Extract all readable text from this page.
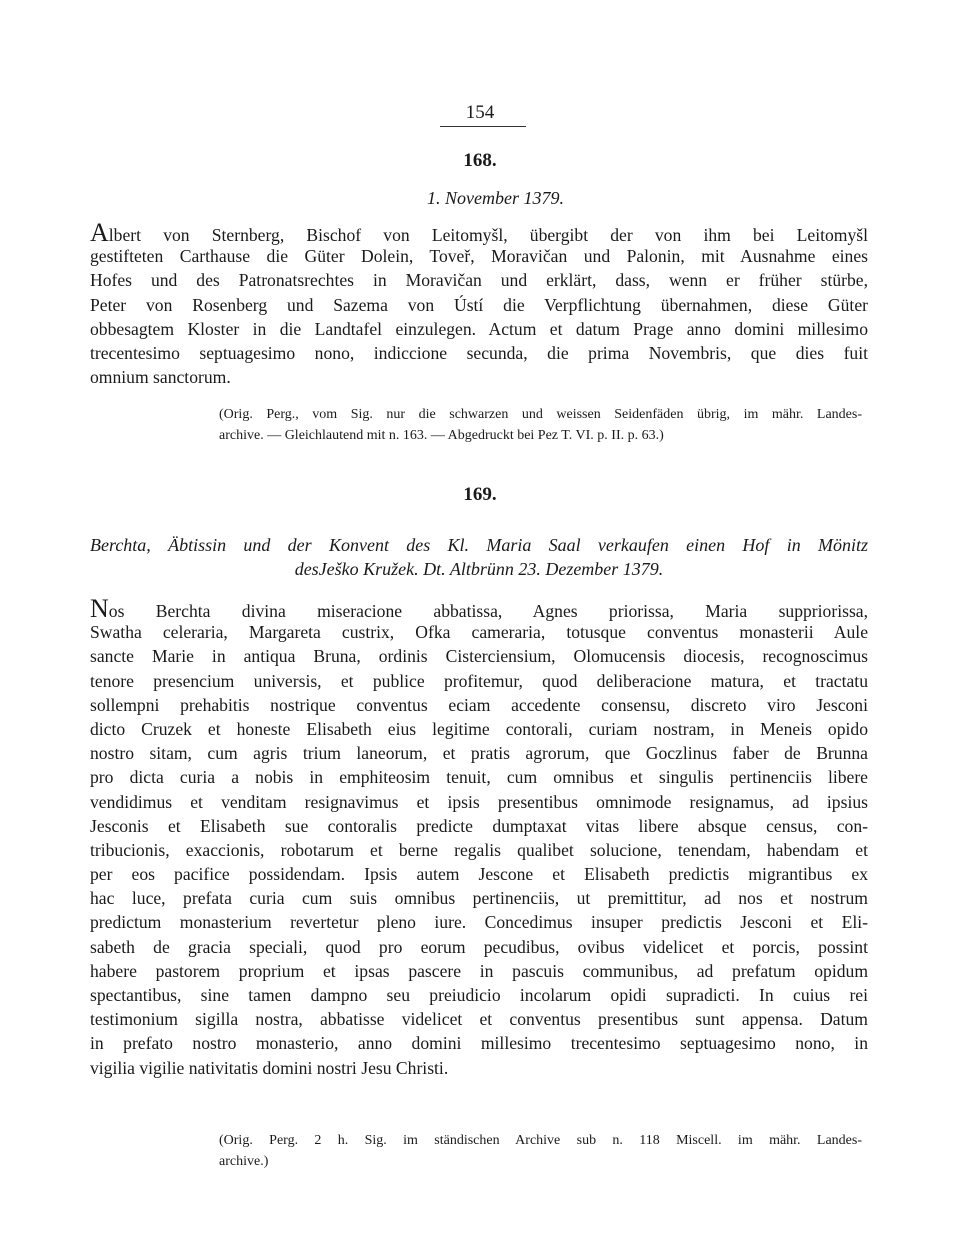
154
168.
1. November 1379.
Albert von Sternberg, Bischof von Leitomyšl, übergibt der von ihm bei Leitomyšl
gestifteten Carthause die Güter Dolein, Toveř, Moravičan und Palonin, mit Ausnahme eines
Hofes und des Patronatsrechtes in Moravičan und erklärt, dass, wenn er früher stürbe,
Peter von Rosenberg und Sazema von Ústí die Verpflichtung übernahmen, diese Güter
obbesagtem Kloster in die Landtafel einzulegen. Actum et datum Prage anno domini millesimo
trecentesimo septuagesimo nono, indiccione secunda, die prima Novembris, que dies fuit
omnium sanctorum.
(Orig. Perg., vom Sig. nur die schwarzen und weissen Seidenfäden übrig, im mähr. Landes-
archive. — Gleichlautend mit n. 163. — Abgedruckt bei Pez T. VI. p. II. p. 63.)
169.
Berchta, Äbtissin und der Konvent des Kl. Maria Saal verkaufen einen Hof in Mönitz
desJeško Kružek. Dt. Altbrünn 23. Dezember 1379.
Nos Berchta divina miseracione abbatissa, Agnes priorissa, Maria suppriorissa,
Swatha celeraria, Margareta custrix, Ofka cameraria, totusque conventus monasterii Aule
sancte Marie in antiqua Bruna, ordinis Cisterciensium, Olomucensis diocesis, recognoscimus
tenore presencium universis, et publice profitemur, quod deliberacione matura, et tractatu
sollempni prehabitis nostrique conventus eciam accedente consensu, discreto viro Jesconi
dicto Cruzek et honeste Elisabeth eius legitime contorali, curiam nostram, in Meneis opido
nostro sitam, cum agris trium laneorum, et pratis agrorum, que Goczlinus faber de Brunna
pro dicta curia a nobis in emphiteosim tenuit, cum omnibus et singulis pertinenciis libere
vendidimus et venditam resignavimus et ipsis presentibus omnimode resignamus, ad ipsius
Jesconis et Elisabeth sue contoralis predicte dumptaxat vitas libere absque census, con-
tribucionis, exaccionis, robotarum et berne regalis qualibet solucione, tenendam, habendam et
per eos pacifice possidendam. Ipsis autem Jescone et Elisabeth predictis migrantibus ex
hac luce, prefata curia cum suis omnibus pertinenciis, ut premittitur, ad nos et nostrum
predictum monasterium revertetur pleno iure. Concedimus insuper predictis Jesconi et Eli-
sabeth de gracia speciali, quod pro eorum pecudibus, ovibus videlicet et porcis, possint
habere pastorem proprium et ipsas pascere in pascuis communibus, ad prefatum opidum
spectantibus, sine tamen dampno seu preiudicio incolarum opidi supradicti. In cuius rei
testimonium sigilla nostra, abbatisse videlicet et conventus presentibus sunt appensa. Datum
in prefato nostro monasterio, anno domini millesimo trecentesimo septuagesimo nono, in
vigilia vigilie nativitatis domini nostri Jesu Christi.
(Orig. Perg. 2 h. Sig. im ständischen Archive sub n. 118 Miscell. im mähr. Landes-
archive.)
